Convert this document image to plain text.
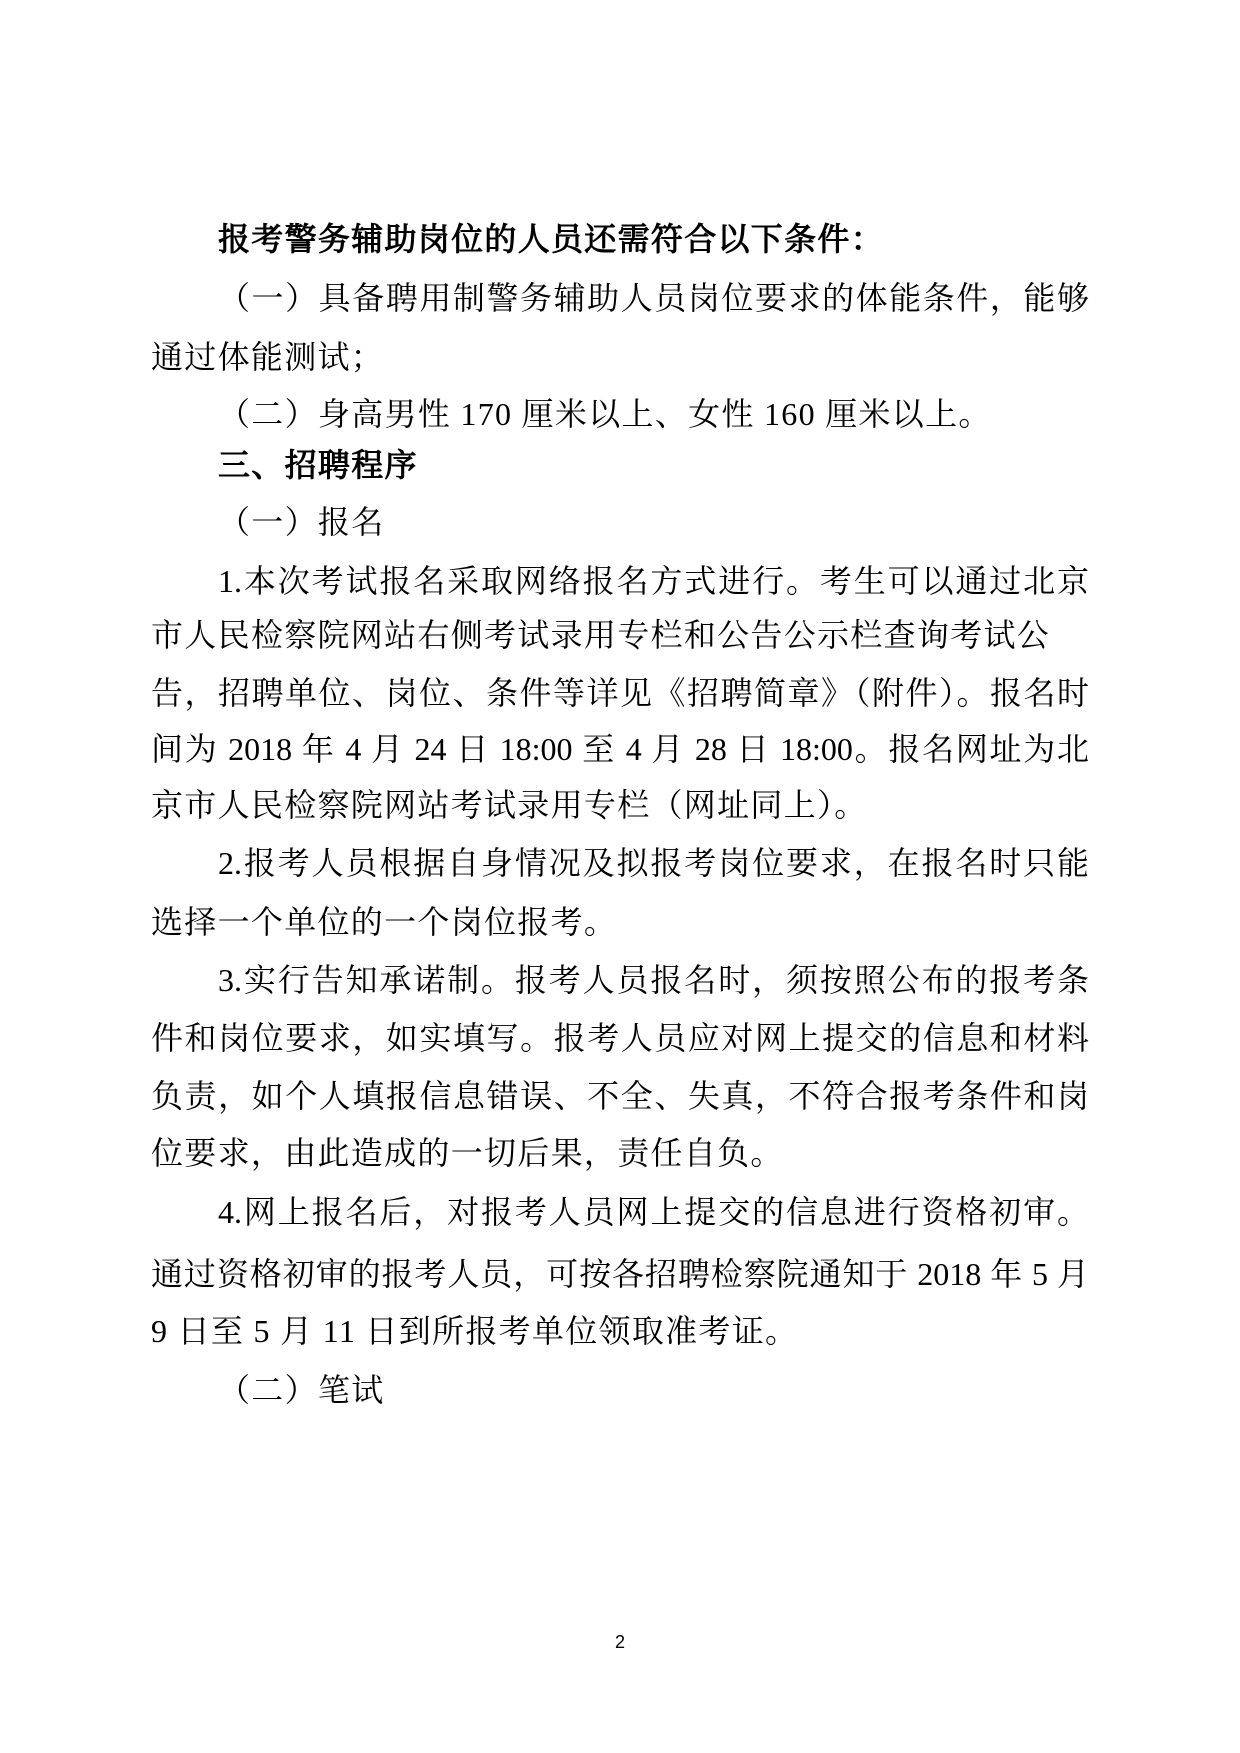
报考警务辅助岗位的人员还需符合以下条件：
（一）具备聘用制警务辅助人员岗位要求的体能条件，能够
通过体能测试；
（二）身高男性 170 厘米以上、女性 160 厘米以上。
三、招聘程序
（一）报名
1.本次考试报名采取网络报名方式进行。考生可以通过北京
市人民检察院网站右侧考试录用专栏和公告公示栏查询考试公
告，招聘单位、岗位、条件等详见《招聘简章》（附件）。报名时
间为 2018 年 4 月 24 日 18:00 至 4 月 28 日 18:00。报名网址为北
京市人民检察院网站考试录用专栏（网址同上）。
2.报考人员根据自身情况及拟报考岗位要求，在报名时只能
选择一个单位的一个岗位报考。
3.实行告知承诺制。报考人员报名时，须按照公布的报考条
件和岗位要求，如实填写。报考人员应对网上提交的信息和材料
负责，如个人填报信息错误、不全、失真，不符合报考条件和岗
位要求，由此造成的一切后果，责任自负。
4.网上报名后，对报考人员网上提交的信息进行资格初审。
通过资格初审的报考人员，可按各招聘检察院通知于 2018 年 5 月
9 日至 5 月 11 日到所报考单位领取准考证。
（二）笔试
2
